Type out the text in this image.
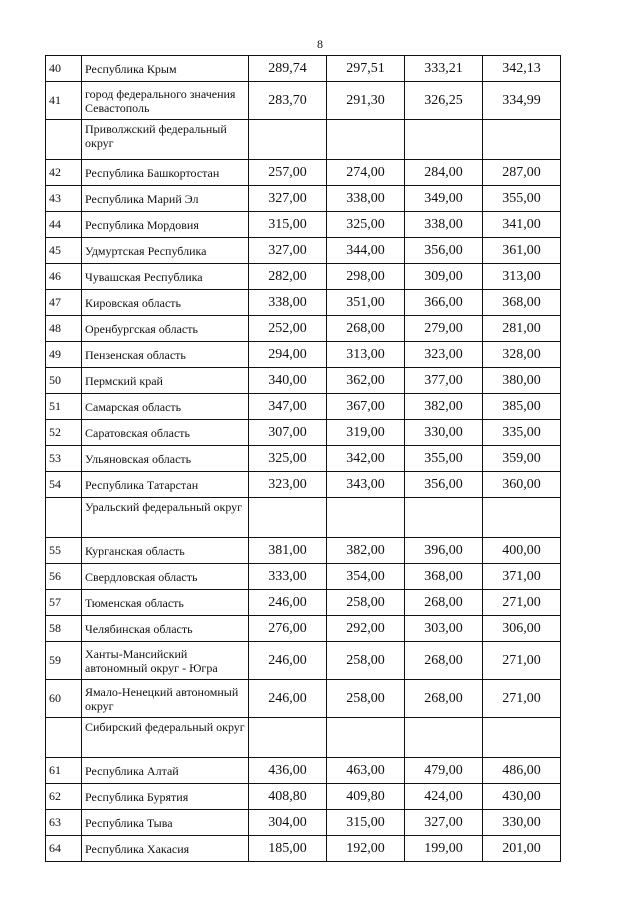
8
40	Республика Крым	289,74	297,51	333,21	342,13
41	город федерального значения Севастополь	283,70	291,30	326,25	334,99
	Приволжский федеральный округ				
42	Республика Башкортостан	257,00	274,00	284,00	287,00
43	Республика Марий Эл	327,00	338,00	349,00	355,00
44	Республика Мордовия	315,00	325,00	338,00	341,00
45	Удмуртская Республика	327,00	344,00	356,00	361,00
46	Чувашская Республика	282,00	298,00	309,00	313,00
47	Кировская область	338,00	351,00	366,00	368,00
48	Оренбургская область	252,00	268,00	279,00	281,00
49	Пензенская область	294,00	313,00	323,00	328,00
50	Пермский край	340,00	362,00	377,00	380,00
51	Самарская область	347,00	367,00	382,00	385,00
52	Саратовская область	307,00	319,00	330,00	335,00
53	Ульяновская область	325,00	342,00	355,00	359,00
54	Республика Татарстан	323,00	343,00	356,00	360,00
	Уральский федеральный округ				
55	Курганская область	381,00	382,00	396,00	400,00
56	Свердловская область	333,00	354,00	368,00	371,00
57	Тюменская область	246,00	258,00	268,00	271,00
58	Челябинская область	276,00	292,00	303,00	306,00
59	Ханты-Мансийский автономный округ - Югра	246,00	258,00	268,00	271,00
60	Ямало-Ненецкий автономный округ	246,00	258,00	268,00	271,00
	Сибирский федеральный округ				
61	Республика Алтай	436,00	463,00	479,00	486,00
62	Республика Бурятия	408,80	409,80	424,00	430,00
63	Республика Тыва	304,00	315,00	327,00	330,00
64	Республика Хакасия	185,00	192,00	199,00	201,00
